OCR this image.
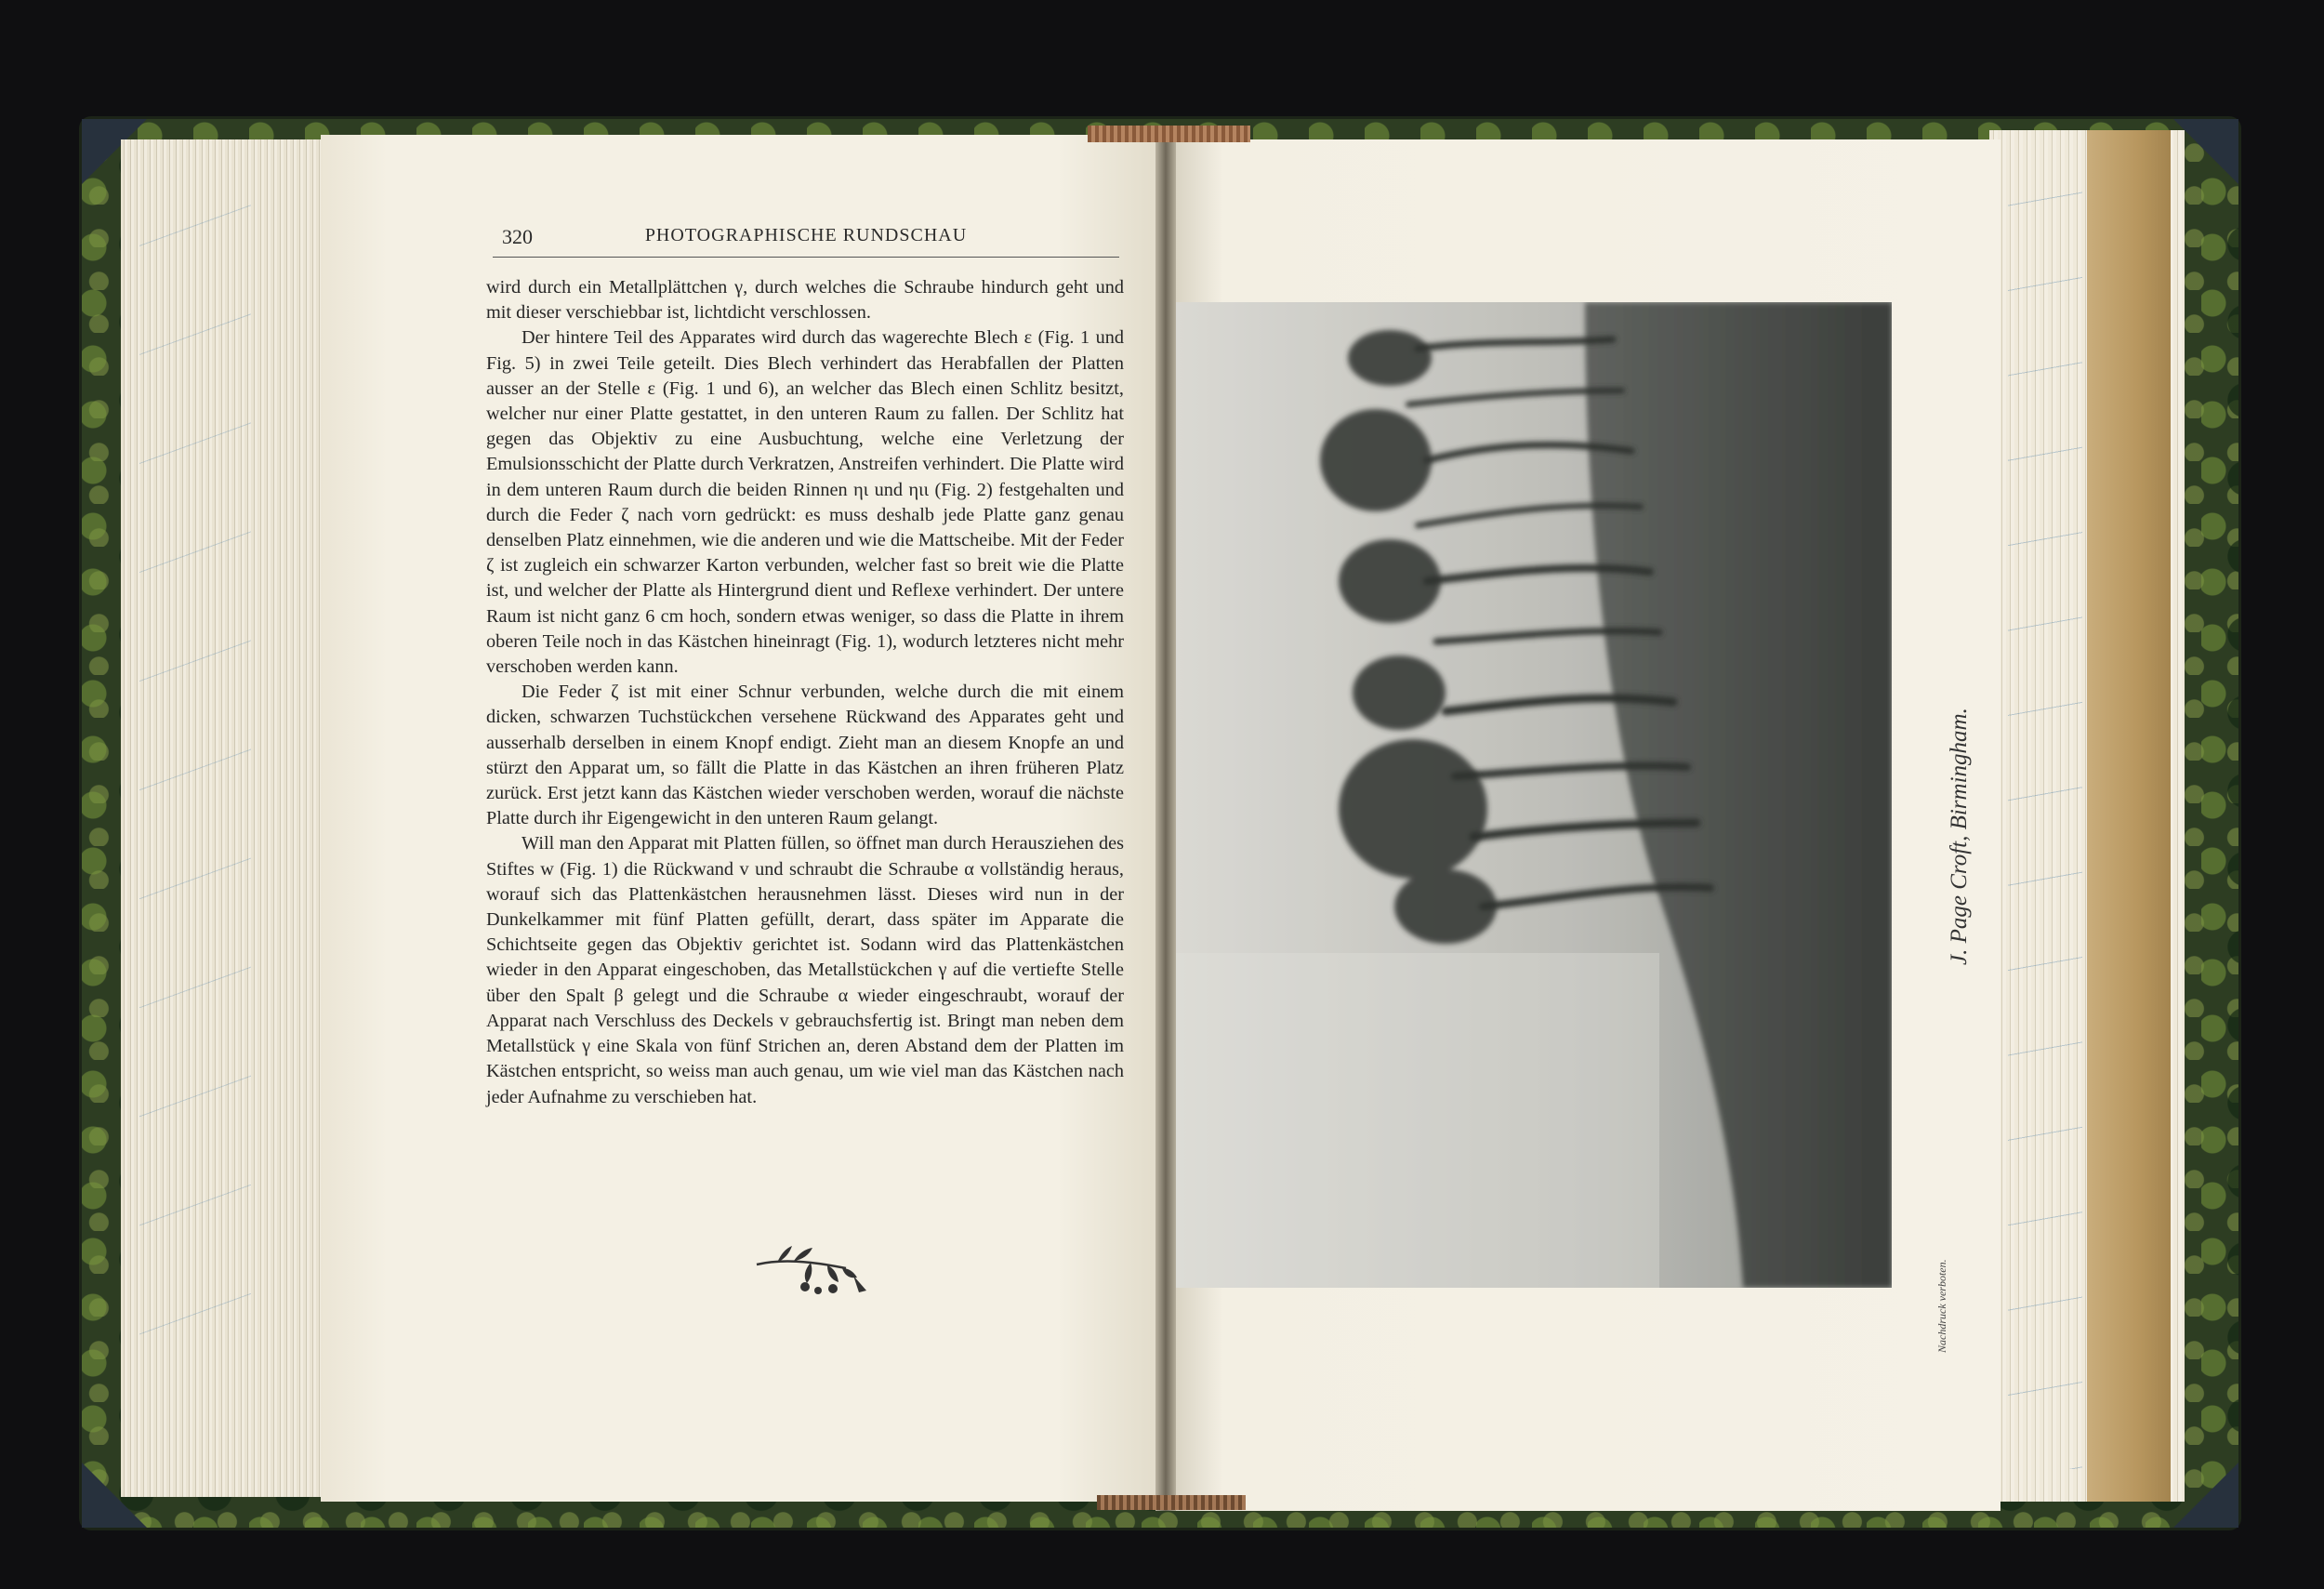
320	PHOTOGRAPHISCHE RUNDSCHAU

wird durch ein Metallplättchen γ, durch welches die Schraube hindurch geht und mit dieser verschiebbar ist, lichtdicht verschlossen.

Der hintere Teil des Apparates wird durch das wagerechte Blech ε (Fig. 1 und Fig. 5) in zwei Teile geteilt. Dies Blech verhindert das Herabfallen der Platten ausser an der Stelle ε (Fig. 1 und 6), an welcher das Blech einen Schlitz besitzt, welcher nur einer Platte gestattet, in den unteren Raum zu fallen. Der Schlitz hat gegen das Objektiv zu eine Ausbuchtung, welche eine Verletzung der Emulsionsschicht der Platte durch Verkratzen, Anstreifen verhindert. Die Platte wird in dem unteren Raum durch die beiden Rinnen ηι und ηιι (Fig. 2) festgehalten und durch die Feder ζ nach vorn gedrückt: es muss deshalb jede Platte ganz genau denselben Platz einnehmen, wie die anderen und wie die Mattscheibe. Mit der Feder ζ ist zugleich ein schwarzer Karton verbunden, welcher fast so breit wie die Platte ist, und welcher der Platte als Hintergrund dient und Reflexe verhindert. Der untere Raum ist nicht ganz 6 cm hoch, sondern etwas weniger, so dass die Platte in ihrem oberen Teile noch in das Kästchen hineinragt (Fig. 1), wodurch letzteres nicht mehr verschoben werden kann.

Die Feder ζ ist mit einer Schnur verbunden, welche durch die mit einem dicken, schwarzen Tuchstückchen versehene Rückwand des Apparates geht und ausserhalb derselben in einem Knopf endigt. Zieht man an diesem Knopfe an und stürzt den Apparat um, so fällt die Platte in das Kästchen an ihren früheren Platz zurück. Erst jetzt kann das Kästchen wieder verschoben werden, worauf die nächste Platte durch ihr Eigengewicht in den unteren Raum gelangt.

Will man den Apparat mit Platten füllen, so öffnet man durch Herausziehen des Stiftes w (Fig. 1) die Rückwand v und schraubt die Schraube α vollständig heraus, worauf sich das Plattenkästchen herausnehmen lässt. Dieses wird nun in der Dunkelkammer mit fünf Platten gefüllt, derart, dass später im Apparate die Schichtseite gegen das Objektiv gerichtet ist. Sodann wird das Plattenkästchen wieder in den Apparat eingeschoben, das Metallstückchen γ auf die vertiefte Stelle über den Spalt β gelegt und die Schraube α wieder eingeschraubt, worauf der Apparat nach Verschluss des Deckels v gebrauchsfertig ist. Bringt man neben dem Metallstück γ eine Skala von fünf Strichen an, deren Abstand dem der Platten im Kästchen entspricht, so weiss man auch genau, um wie viel man das Kästchen nach jeder Aufnahme zu verschieben hat.

J. Page Croft, Birmingham.
Nachdruck verboten.
